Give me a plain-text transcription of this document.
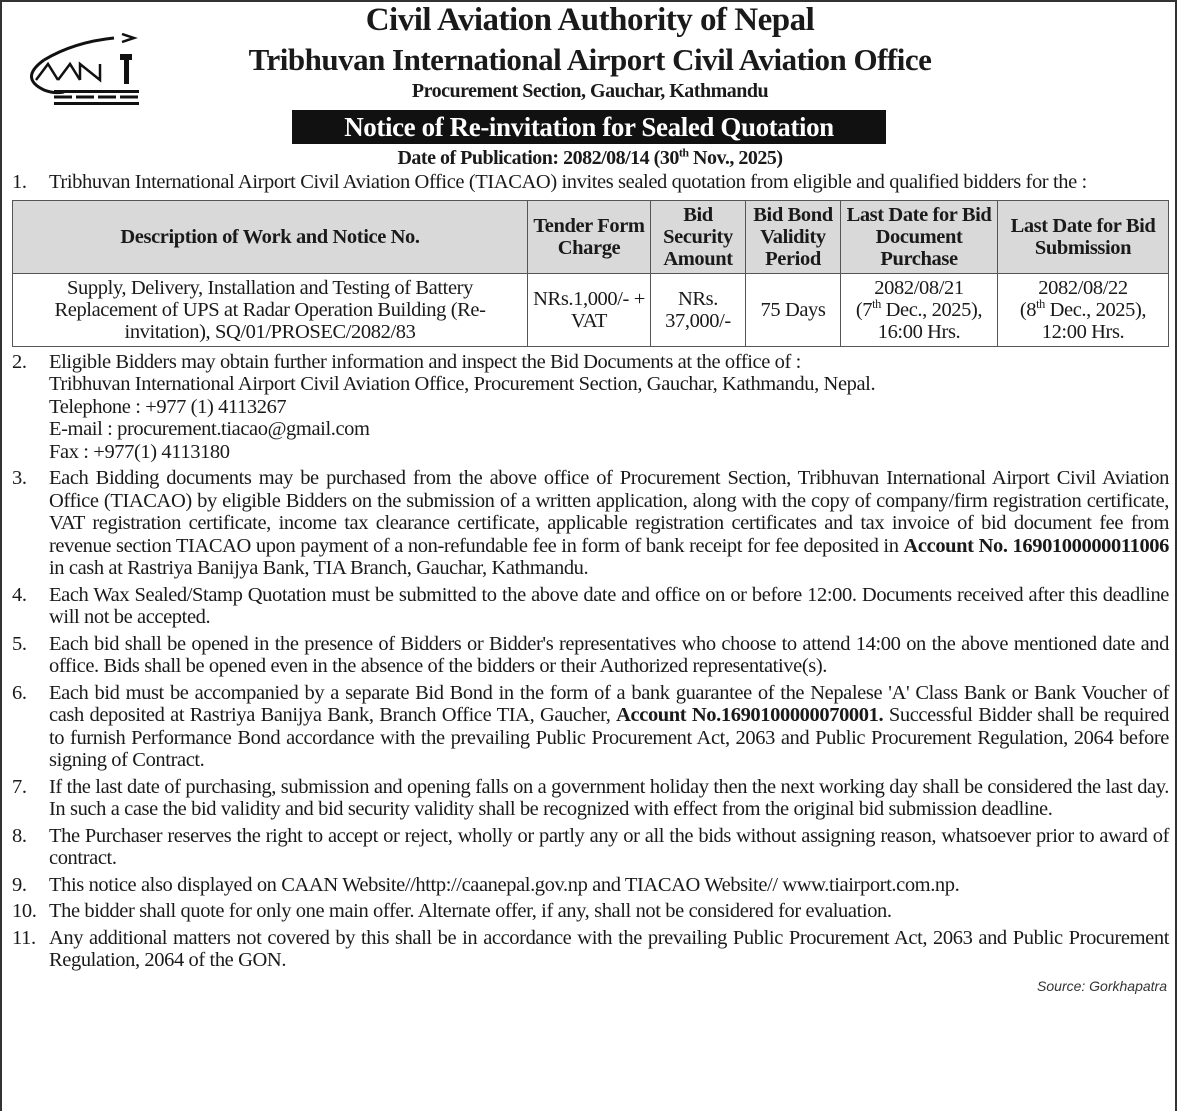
Civil Aviation Authority of Nepal
Tribhuvan International Airport Civil Aviation Office
Procurement Section, Gauchar, Kathmandu
Notice of Re-invitation for Sealed Quotation
Date of Publication: 2082/08/14 (30th Nov., 2025)
1. Tribhuvan International Airport Civil Aviation Office (TIACAO) invites sealed quotation from eligible and qualified bidders for the :
Description of Work and Notice No.	Tender Form Charge	Bid Security Amount	Bid Bond Validity Period	Last Date for Bid Document Purchase	Last Date for Bid Submission
Supply, Delivery, Installation and Testing of Battery Replacement of UPS at Radar Operation Building (Re-invitation), SQ/01/PROSEC/2082/83	NRs.1,000/- + VAT	NRs. 37,000/-	75 Days	2082/08/21
(7th Dec., 2025),
16:00 Hrs.	2082/08/22
(8th Dec., 2025),
12:00 Hrs.
2. Eligible Bidders may obtain further information and inspect the Bid Documents at the office of :
Tribhuvan International Airport Civil Aviation Office, Procurement Section, Gauchar, Kathmandu, Nepal.
Telephone : +977 (1) 4113267
E-mail : procurement.tiacao@gmail.com
Fax : +977(1) 4113180
3. Each Bidding documents may be purchased from the above office of Procurement Section, Tribhuvan International Airport Civil Aviation Office (TIACAO) by eligible Bidders on the submission of a written application, along with the copy of company/firm registration certificate, VAT registration certificate, income tax clearance certificate, applicable registration certificates and tax invoice of bid document fee from revenue section TIACAO upon payment of a non-refundable fee in form of bank receipt for fee deposited in Account No. 1690100000011006 in cash at Rastriya Banijya Bank, TIA Branch, Gauchar, Kathmandu.
4. Each Wax Sealed/Stamp Quotation must be submitted to the above date and office on or before 12:00. Documents received after this deadline will not be accepted.
5. Each bid shall be opened in the presence of Bidders or Bidder's representatives who choose to attend 14:00 on the above mentioned date and office. Bids shall be opened even in the absence of the bidders or their Authorized representative(s).
6. Each bid must be accompanied by a separate Bid Bond in the form of a bank guarantee of the Nepalese 'A' Class Bank or Bank Voucher of cash deposited at Rastriya Banijya Bank, Branch Office TIA, Gaucher, Account No.1690100000070001. Successful Bidder shall be required to furnish Performance Bond accordance with the prevailing Public Procurement Act, 2063 and Public Procurement Regulation, 2064 before signing of Contract.
7. If the last date of purchasing, submission and opening falls on a government holiday then the next working day shall be considered the last day. In such a case the bid validity and bid security validity shall be recognized with effect from the original bid submission deadline.
8. The Purchaser reserves the right to accept or reject, wholly or partly any or all the bids without assigning reason, whatsoever prior to award of contract.
9. This notice also displayed on CAAN Website//http://caanepal.gov.np and TIACAO Website// www.tiairport.com.np.
10. The bidder shall quote for only one main offer. Alternate offer, if any, shall not be considered for evaluation.
11. Any additional matters not covered by this shall be in accordance with the prevailing Public Procurement Act, 2063 and Public Procurement Regulation, 2064 of the GON.
Source: Gorkhapatra
